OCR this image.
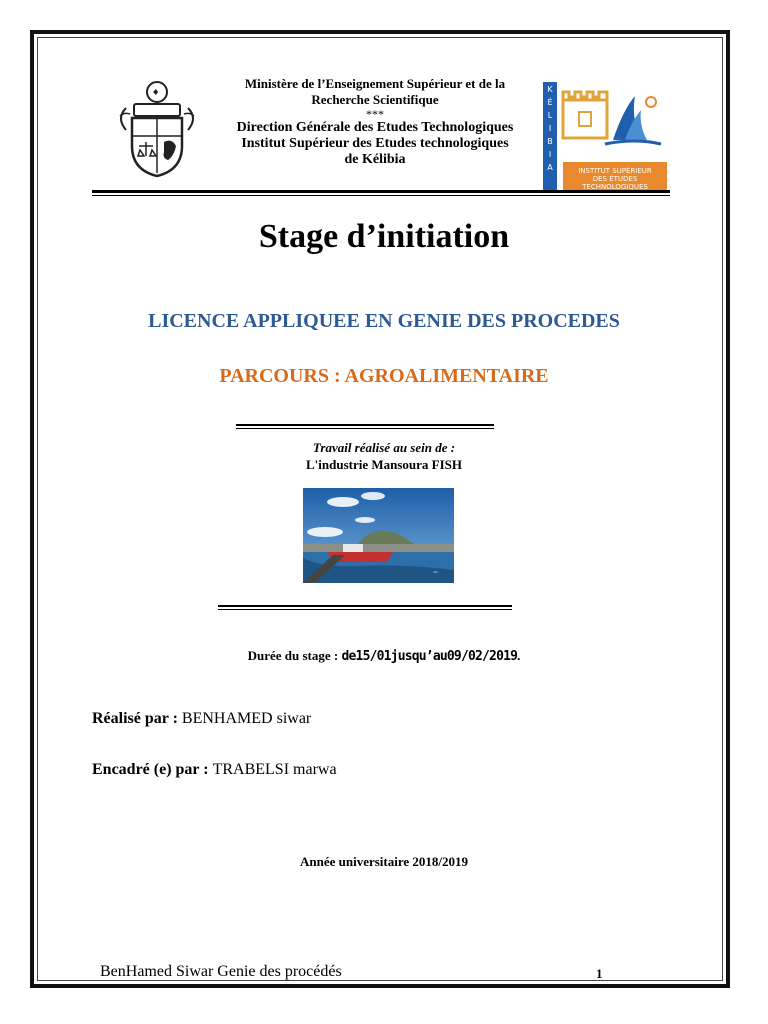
Ministère de l’Enseignement Supérieur et de la
Recherche Scientifique
***
Direction Générale des Etudes Technologiques
Institut Supérieur des Etudes technologiques
de Kélibia
K É L I B I A	INSTITUT SUPÉRIEUR
DES ÉTUDES
TECHNOLOGIQUES
Stage d’initiation
LICENCE APPLIQUEE EN GENIE DES PROCEDES
PARCOURS : AGROALIMENTAIRE
Travail réalisé au sein de :
L'industrie Mansoura FISH
~
Durée du stage : de15/01jusqu’au09/02/2019.
Réalisé par : BENHAMED siwar
Encadré (e) par : TRABELSI marwa
Année universitaire 2018/2019
BenHamed Siwar Genie des procédés	1
